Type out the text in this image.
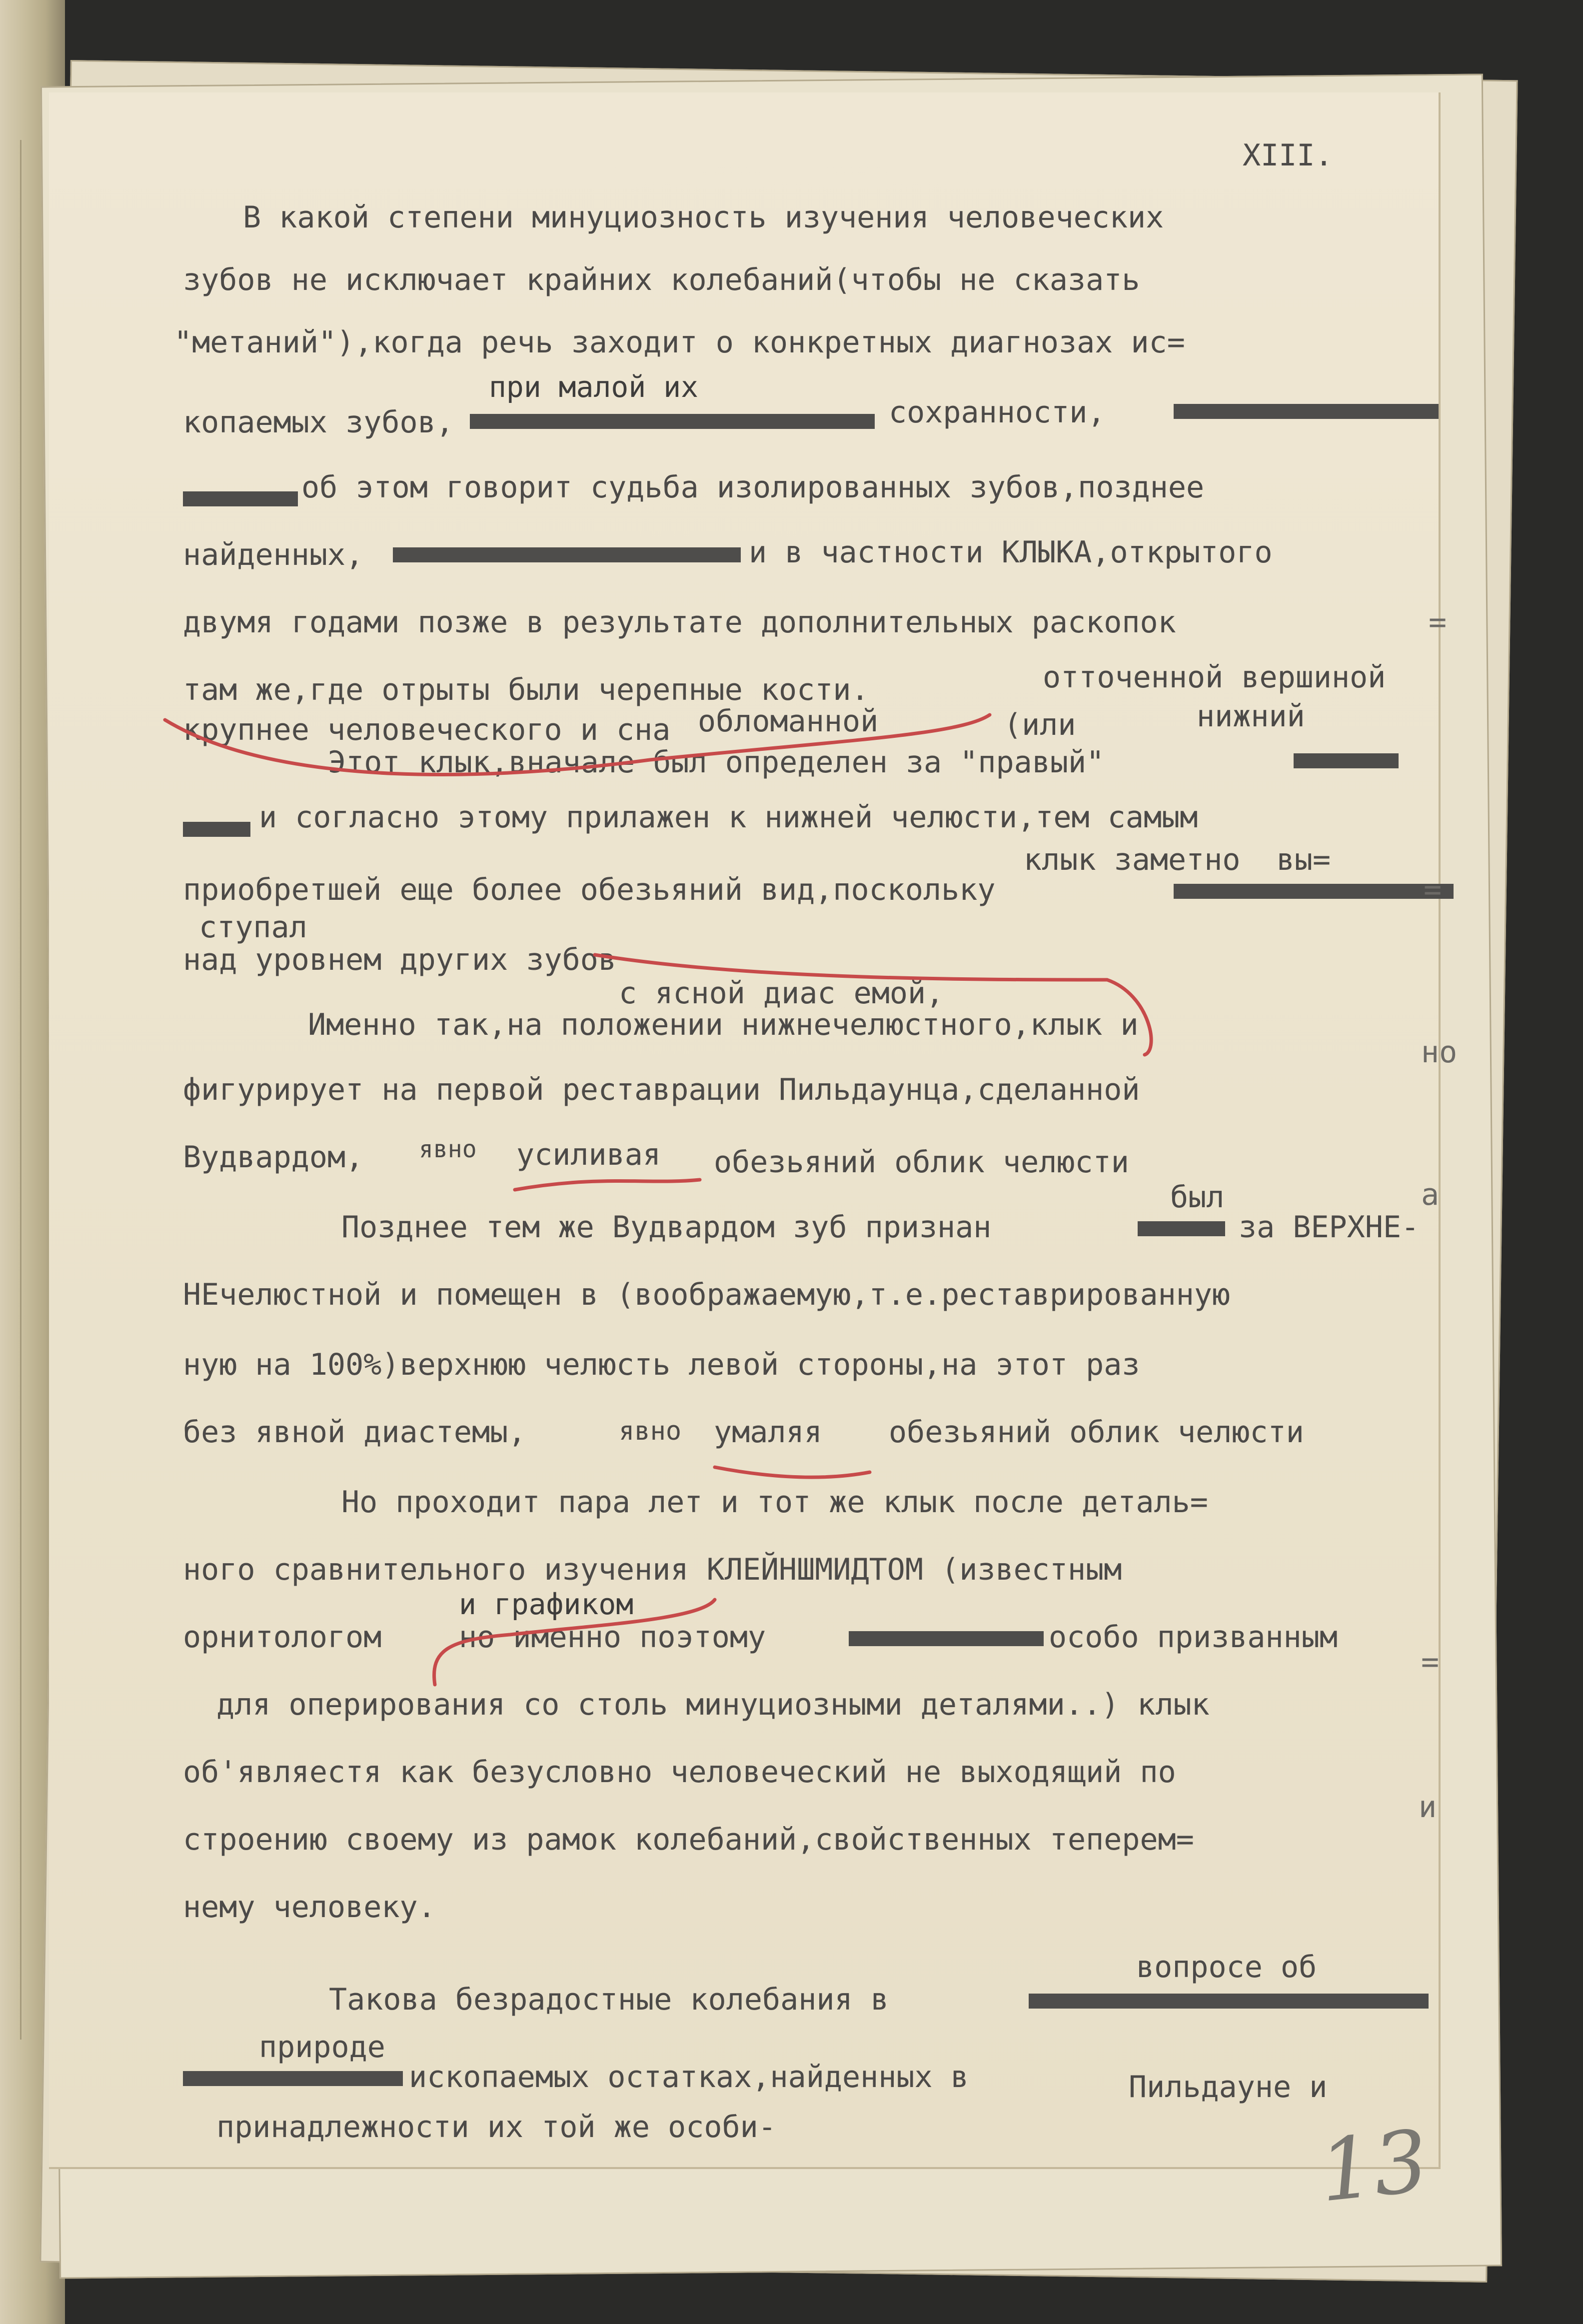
XIII.

В какой степени минуциозность изучения человеческих

зубов не исключает крайних колебаний(чтобы не сказать

"метаний"),когда речь заходит о конкретных диагнозах ис=

при малой их

копаемых зубов,	сохранности,

об этом говорит судьба изолированных зубов,позднее

найденных,	и в частности КЛЫКА,открытого

двумя годами позже в результате дополнительных раскопок

там же,где отрыты были черепные кости.	отточенной вершиной

крупнее человеческого и сна обломанной	(или	нижний

Этот клык,вначале был определен за "правый"

и согласно этому прилажен к нижней челюсти,тем самым

клык заметно  вы=

приобретшей еще более обезьяний вид,поскольку

ступал

над уровнем других зубов

с ясной диас емой,

Именно так,на положении нижнечелюстного,клык и

фигурирует на первой реставрации Пильдаунца,сделанной

Вудвардом, явно усиливая обезьяний облик челюсти

был

Позднее тем же Вудвардом зуб признан	за ВЕРХНЕ-

НЕчелюстной и помещен в (воображаемую,т.е.реставрированную

ную на 100%)верхнюю челюсть левой стороны,на этот раз

без явной диастемы,	явно умаляя обезьяний облик челюсти

Но проходит пара лет и тот же клык после деталь=

ного сравнительного изучения КЛЕЙНШМИДТОМ (известным

и графиком

орнитологом	но именно поэтому	особо призванным

для оперирования со столь минуциозными деталями..) клык

об'являестя как безусловно человеческий не выходящий по

строению своему из рамок колебаний,свойственных теперем=

нему человеку.

вопросе об

Такова безрадостные колебания в

природе

ископаемых остатках,найденных в	Пильдауне и

принадлежности их той же особи-

=

=

но

а

=

и

13
